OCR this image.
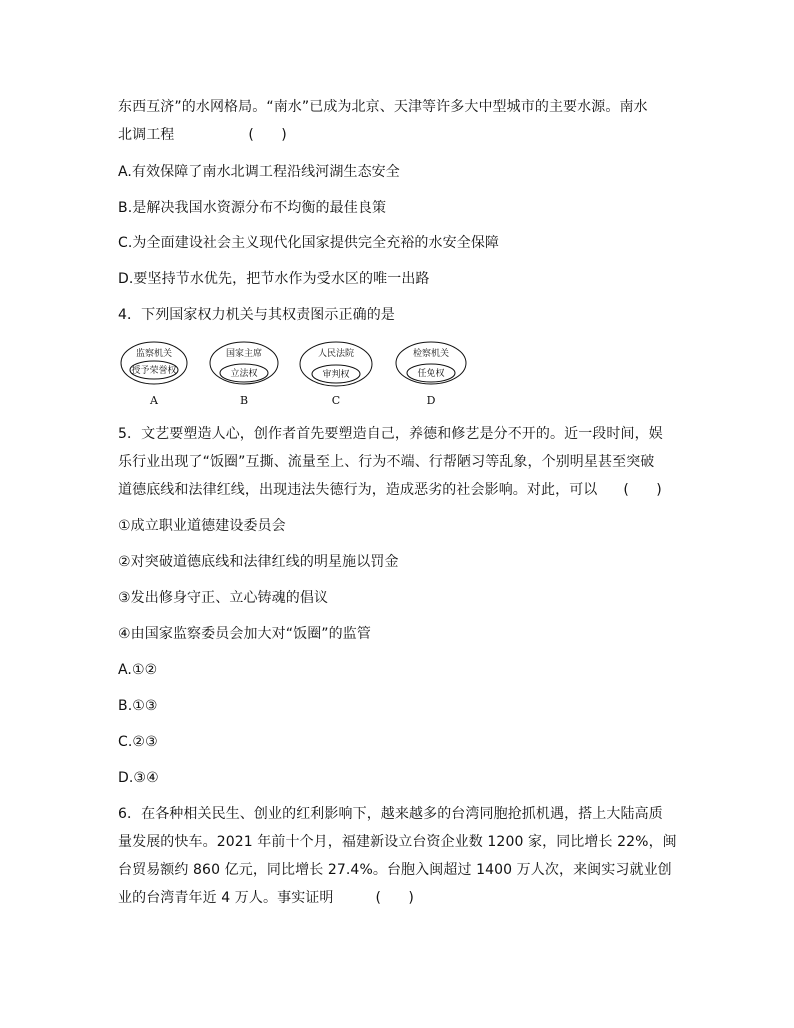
东西互济”的水网格局。“南水”已成为北京、天津等许多大中型城市的主要水源。南水
北调工程	(      )
A.有效保障了南水北调工程沿线河湖生态安全
B.是解决我国水资源分布不均衡的最佳良策
C.为全面建设社会主义现代化国家提供完全充裕的水安全保障
D.要坚持节水优先，把节水作为受水区的唯一出路
4．下列国家权力机关与其权责图示正确的是
监察机关
授予荣誉权
A
国家主席
立法权
B
人民法院
审判权
C
检察机关
任免权
D
5．文艺要塑造人心，创作者首先要塑造自己，养德和修艺是分不开的。近一段时间，娱
乐行业出现了“饭圈”互撕、流量至上、行为不端、行帮陋习等乱象，个别明星甚至突破
道德底线和法律红线，出现违法失德行为，造成恶劣的社会影响。对此，可以 (      )
①成立职业道德建设委员会
②对突破道德底线和法律红线的明星施以罚金
③发出修身守正、立心铸魂的倡议
④由国家监察委员会加大对“饭圈”的监管
A.①②
B.①③
C.②③
D.③④
6．在各种相关民生、创业的红利影响下，越来越多的台湾同胞抢抓机遇，搭上大陆高质
量发展的快车。2021 年前十个月，福建新设立台资企业数 1200 家，同比增长 22%，闽
台贸易额约 860 亿元，同比增长 27.4%。台胞入闽超过 1400 万人次，来闽实习就业创
业的台湾青年近 4 万人。事实证明	(      )
